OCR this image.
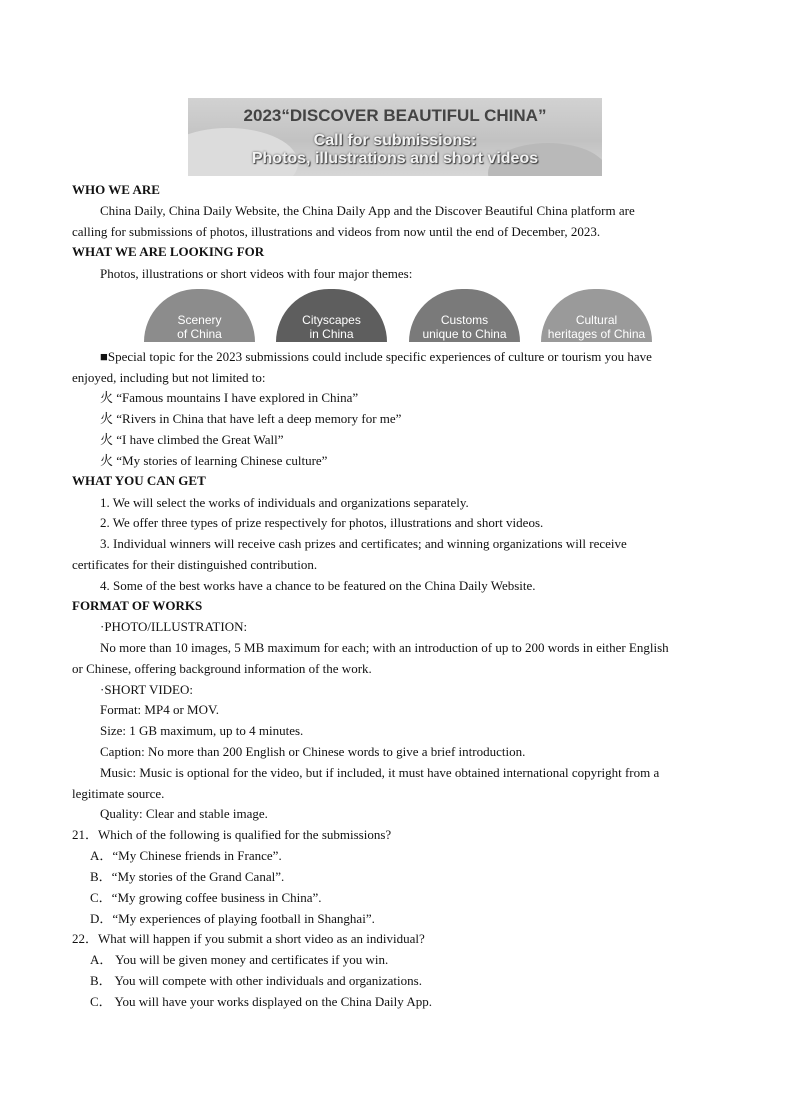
2023“DISCOVER BEAUTIFUL CHINA”
Call for submissions:
Photos, illustrations and short videos
WHO WE ARE
China Daily, China Daily Website, the China Daily App and the Discover Beautiful China platform are
calling for submissions of photos, illustrations and videos from now until the end of December, 2023.
WHAT WE ARE LOOKING FOR
Photos, illustrations or short videos with four major themes:
Scenery
of China
Cityscapes
in China
Customs
unique to China
Cultural
heritages of China
■Special topic for the 2023 submissions could include specific experiences of culture or tourism you have
enjoyed, including but not limited to:
火 “Famous mountains I have explored in China”
火 “Rivers in China that have left a deep memory for me”
火 “I have climbed the Great Wall”
火 “My stories of learning Chinese culture”
WHAT YOU CAN GET
1. We will select the works of individuals and organizations separately.
2. We offer three types of prize respectively for photos, illustrations and short videos.
3. Individual winners will receive cash prizes and certificates; and winning organizations will receive
certificates for their distinguished contribution.
4. Some of the best works have a chance to be featured on the China Daily Website.
FORMAT OF WORKS
·PHOTO/ILLUSTRATION:
No more than 10 images, 5 MB maximum for each; with an introduction of up to 200 words in either English
or Chinese, offering background information of the work.
·SHORT VIDEO:
Format: MP4 or MOV.
Size: 1 GB maximum, up to 4 minutes.
Caption: No more than 200 English or Chinese words to give a brief introduction.
Music: Music is optional for the video, but if included, it must have obtained international copyright from a
legitimate source.
Quality: Clear and stable image.
21．Which of the following is qualified for the submissions?
A．“My Chinese friends in France”.
B．“My stories of the Grand Canal”.
C．“My growing coffee business in China”.
D．“My experiences of playing football in Shanghai”.
22．What will happen if you submit a short video as an individual?
A． You will be given money and certificates if you win.
B． You will compete with other individuals and organizations.
C． You will have your works displayed on the China Daily App.
